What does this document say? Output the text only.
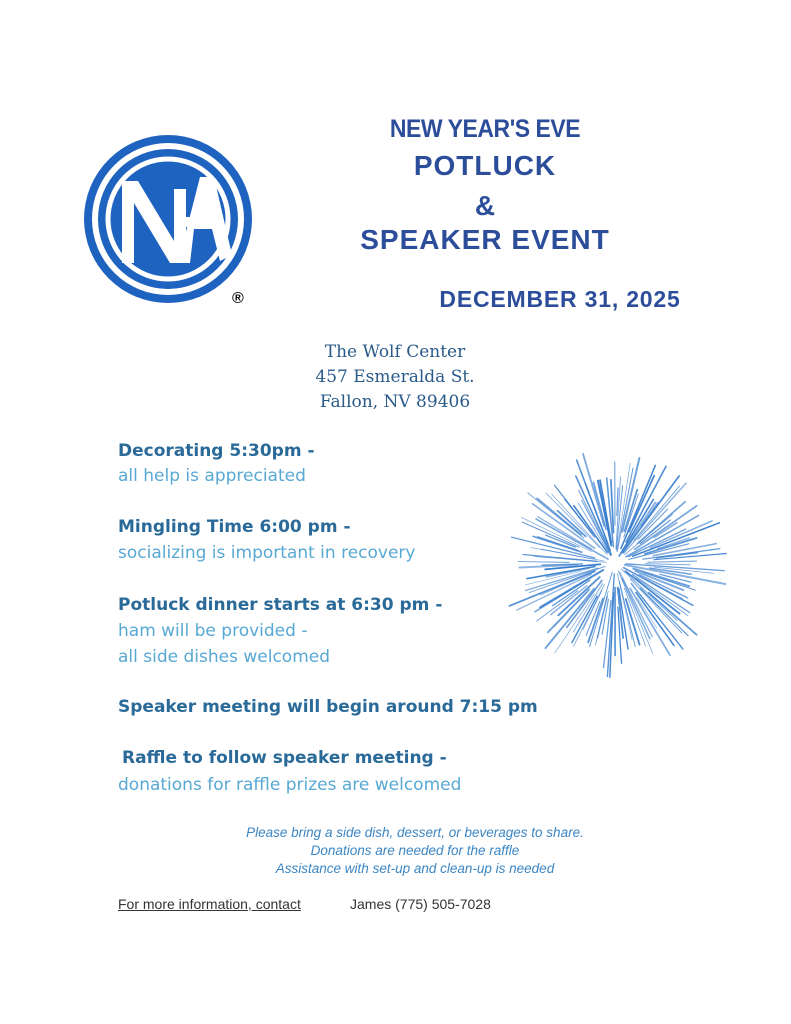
®
NEW YEAR'S EVE
POTLUCK
&
SPEAKER EVENT
DECEMBER 31, 2025
The Wolf Center
457 Esmeralda St.
Fallon, NV 89406
Decorating 5:30pm -
all help is appreciated
Mingling Time 6:00 pm -
socializing is important in recovery
Potluck dinner starts at 6:30 pm -
ham will be provided -
all side dishes welcomed
Speaker meeting will begin around 7:15 pm
Raffle to follow speaker meeting -
donations for raffle prizes are welcomed
Please bring a side dish, dessert, or beverages to share.
Donations are needed for the raffle
Assistance with set-up and clean-up is needed
For more information, contact	James (775) 505-7028
